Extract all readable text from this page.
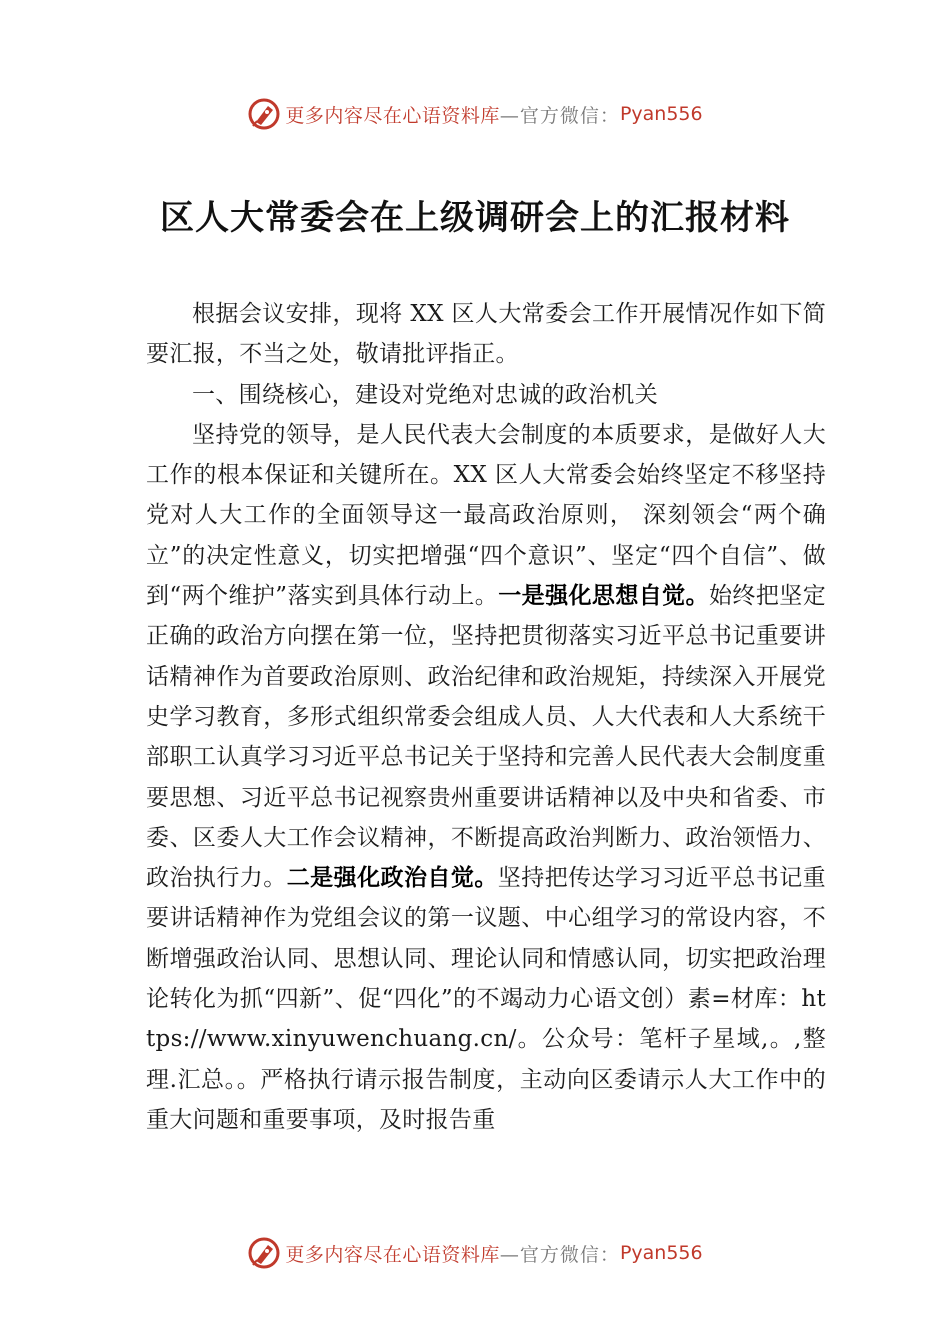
更多内容尽在心语资料库 —官方微信： Pyan556
区人大常委会在上级调研会上的汇报材料

根据会议安排，现将 XX 区人大常委会工作开展情况作如下简要汇报，不当之处，敬请批评指正。

一、围绕核心，建设对党绝对忠诚的政治机关

坚持党的领导，是人民代表大会制度的本质要求，是做好人大工作的根本保证和关键所在。XX 区人大常委会始终坚定不移坚持党对人大工作的全面领导这一最高政治原则， 深刻领会“两个确立”的决定性意义，切实把增强“四个意识”、坚定“四个自信”、做到“两个维护”落实到具体行动上。一是强化思想自觉。始终把坚定正确的政治方向摆在第一位，坚持把贯彻落实习近平总书记重要讲话精神作为首要政治原则、政治纪律和政治规矩，持续深入开展党史学习教育，多形式组织常委会组成人员、人大代表和人大系统干部职工认真学习习近平总书记关于坚持和完善人民代表大会制度重要思想、习近平总书记视察贵州重要讲话精神以及中央和省委、市委、区委人大工作会议精神，不断提高政治判断力、政治领悟力、政治执行力。二是强化政治自觉。坚持把传达学习习近平总书记重要讲话精神作为党组会议的第一议题、中心组学习的常设内容，不断增强政治认同、思想认同、理论认同和情感认同，切实把政治理论转化为抓“四新”、促“四化”的不竭动力心语文创）素=材库：https://www.xinyuwenchuang.cn/。公众号：笔杆子星域,。,整理.汇总。。严格执行请示报告制度，主动向区委请示人大工作中的重大问题和重要事项，及时报告重

更多内容尽在心语资料库 —官方微信： Pyan556
